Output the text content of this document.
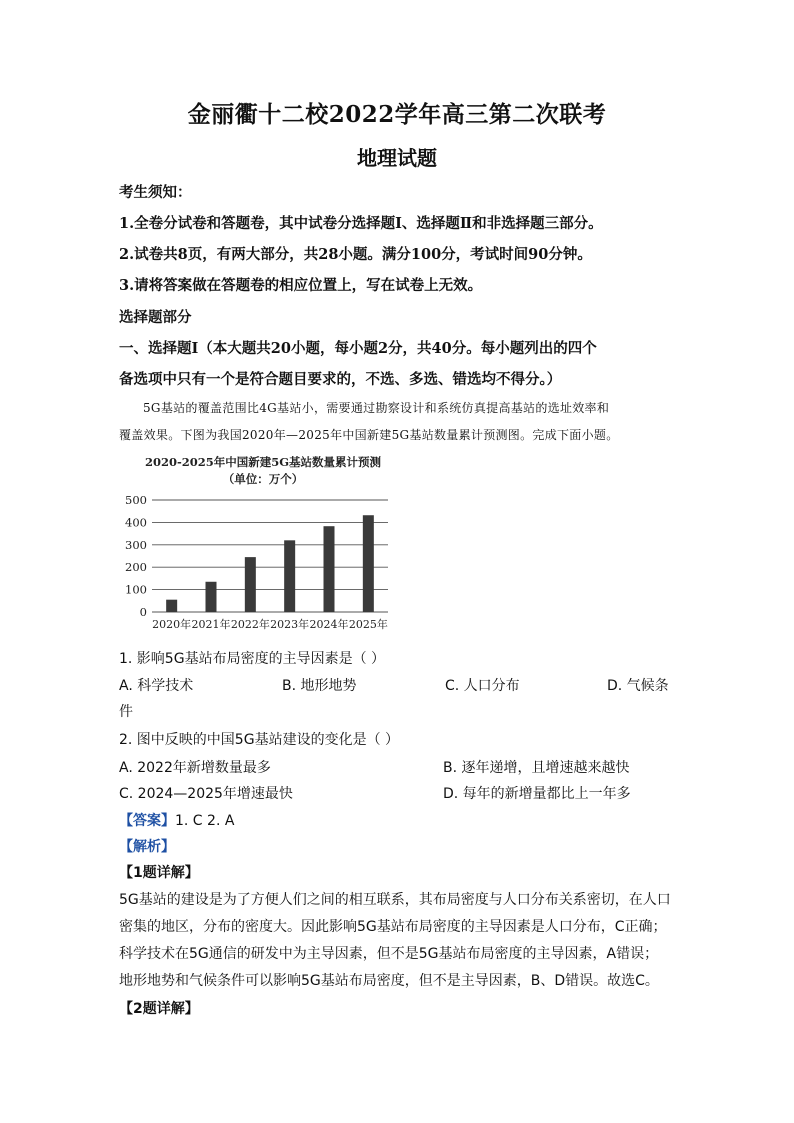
金丽衢十二校2022学年高三第二次联考
地理试题
考生须知：
1.全卷分试卷和答题卷，其中试卷分选择题Ⅰ、选择题Ⅱ和非选择题三部分。
2.试卷共8页，有两大部分，共28小题。满分100分，考试时间90分钟。
3.请将答案做在答题卷的相应位置上，写在试卷上无效。
选择题部分
一、选择题Ⅰ（本大题共20小题，每小题2分，共40分。每小题列出的四个
备选项中只有一个是符合题目要求的，不选、多选、错选均不得分。）
5G基站的覆盖范围比4G基站小，需要通过勘察设计和系统仿真提高基站的选址效率和
覆盖效果。下图为我国2020年—2025年中国新建5G基站数量累计预测图。完成下面小题。
2020-2025年中国新建5G基站数量累计预测
（单位：万个）
0
100
200
300
400
500
2020年 2021年 2022年 2023年 2024年 2025年
1. 影响5G基站布局密度的主导因素是（ ）
A. 科学技术	B. 地形地势	C. 人口分布	D. 气候条
件
2. 图中反映的中国5G基站建设的变化是（ ）
A. 2022年新增数量最多	B. 逐年递增，且增速越来越快
C. 2024—2025年增速最快	D. 每年的新增量都比上一年多
【答案】1. C 2. A
【解析】
【1题详解】
5G基站的建设是为了方便人们之间的相互联系，其布局密度与人口分布关系密切，在人口
密集的地区，分布的密度大。因此影响5G基站布局密度的主导因素是人口分布，C正确；
科学技术在5G通信的研发中为主导因素，但不是5G基站布局密度的主导因素，A错误；
地形地势和气候条件可以影响5G基站布局密度，但不是主导因素，B、D错误。故选C。
【2题详解】
